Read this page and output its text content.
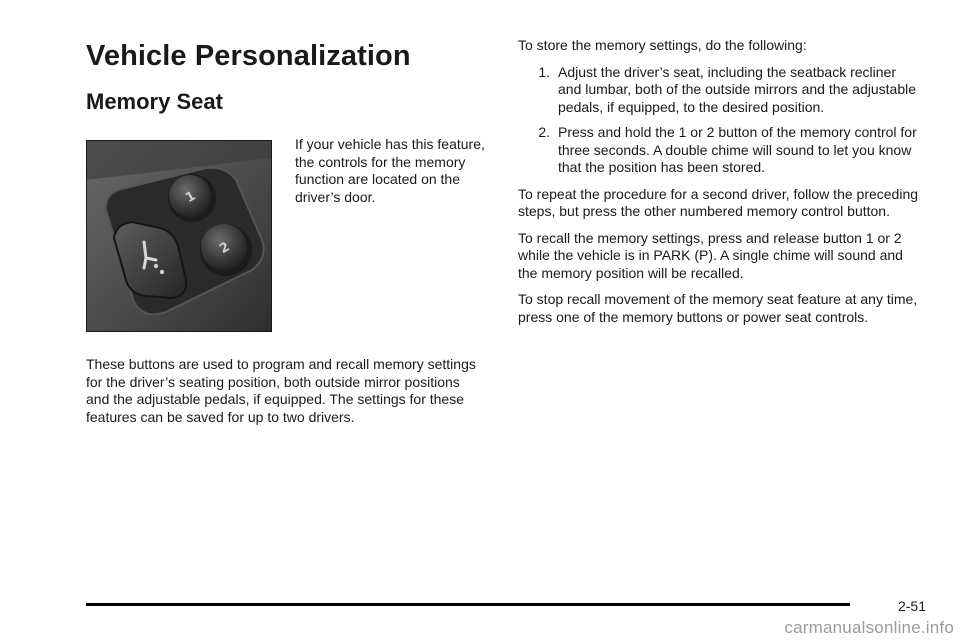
Vehicle Personalization
Memory Seat
1
2

If your vehicle has this feature, the controls for the memory function are located on the driver’s door.

These buttons are used to program and recall memory settings for the driver’s seating position, both outside mirror positions and the adjustable pedals, if equipped. The settings for these features can be saved for up to two drivers.

To store the memory settings, do the following:

1. Adjust the driver’s seat, including the seatback recliner and lumbar, both of the outside mirrors and the adjustable pedals, if equipped, to the desired position.
2. Press and hold the 1 or 2 button of the memory control for three seconds. A double chime will sound to let you know that the position has been stored.

To repeat the procedure for a second driver, follow the preceding steps, but press the other numbered memory control button.

To recall the memory settings, press and release button 1 or 2 while the vehicle is in PARK (P). A single chime will sound and the memory position will be recalled.

To stop recall movement of the memory seat feature at any time, press one of the memory buttons or power seat controls.

2-51
carmanualsonline.info
